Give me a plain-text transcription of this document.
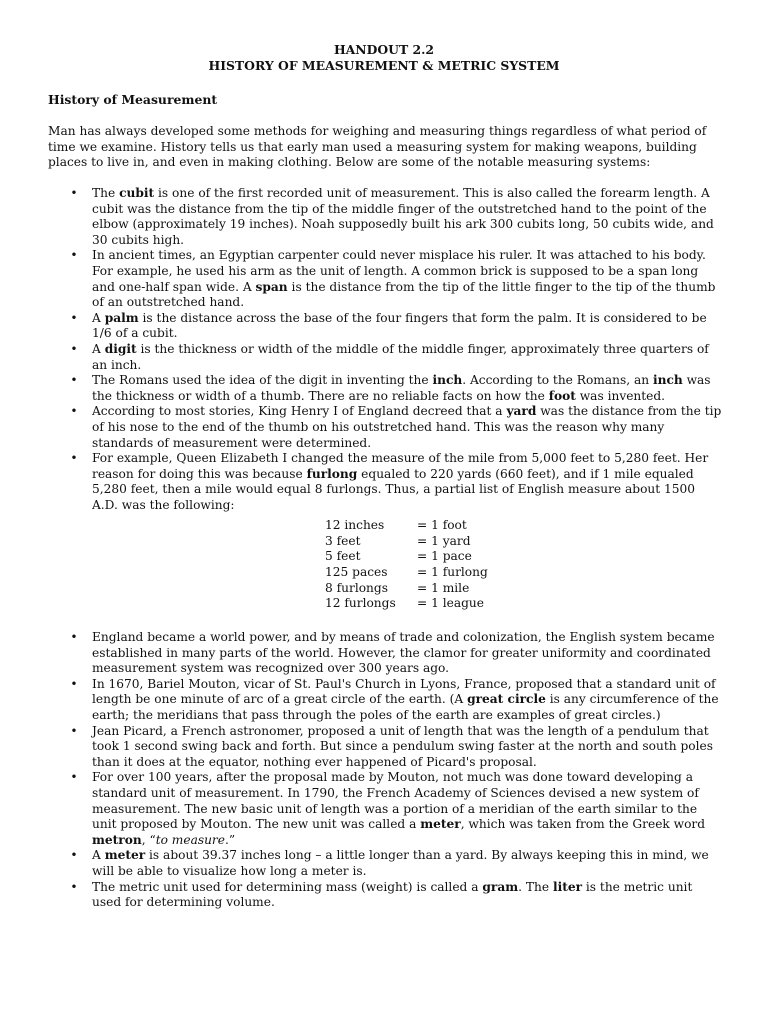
HANDOUT 2.2
HISTORY OF MEASUREMENT & METRIC SYSTEM
History of Measurement

Man has always developed some methods for weighing and measuring things regardless of what period of time we examine. History tells us that early man used a measuring system for making weapons, building places to live in, and even in making clothing. Below are some of the notable measuring systems:

• The cubit is one of the first recorded unit of measurement. This is also called the forearm length. A cubit was the distance from the tip of the middle finger of the outstretched hand to the point of the elbow (approximately 19 inches). Noah supposedly built his ark 300 cubits long, 50 cubits wide, and 30 cubits high.
• In ancient times, an Egyptian carpenter could never misplace his ruler. It was attached to his body. For example, he used his arm as the unit of length. A common brick is supposed to be a span long and one-half span wide. A span is the distance from the tip of the little finger to the tip of the thumb of an outstretched hand.
• A palm is the distance across the base of the four fingers that form the palm. It is considered to be 1/6 of a cubit.
• A digit is the thickness or width of the middle of the middle finger, approximately three quarters of an inch.
• The Romans used the idea of the digit in inventing the inch. According to the Romans, an inch was the thickness or width of a thumb. There are no reliable facts on how the foot was invented.
• According to most stories, King Henry I of England decreed that a yard was the distance from the tip of his nose to the end of the thumb on his outstretched hand. This was the reason why many standards of measurement were determined.
• For example, Queen Elizabeth I changed the measure of the mile from 5,000 feet to 5,280 feet. Her reason for doing this was because furlong equaled to 220 yards (660 feet), and if 1 mile equaled 5,280 feet, then a mile would equal 8 furlongs. Thus, a partial list of English measure about 1500 A.D. was the following:
12 inches	= 1 foot
3 feet	= 1 yard
5 feet	= 1 pace
125 paces	= 1 furlong
8 furlongs	= 1 mile
12 furlongs	= 1 league
• England became a world power, and by means of trade and colonization, the English system became established in many parts of the world. However, the clamor for greater uniformity and coordinated measurement system was recognized over 300 years ago.
• In 1670, Bariel Mouton, vicar of St. Paul's Church in Lyons, France, proposed that a standard unit of length be one minute of arc of a great circle of the earth. (A great circle is any circumference of the earth; the meridians that pass through the poles of the earth are examples of great circles.)
• Jean Picard, a French astronomer, proposed a unit of length that was the length of a pendulum that took 1 second swing back and forth. But since a pendulum swing faster at the north and south poles than it does at the equator, nothing ever happened of Picard's proposal.
• For over 100 years, after the proposal made by Mouton, not much was done toward developing a standard unit of measurement. In 1790, the French Academy of Sciences devised a new system of measurement. The new basic unit of length was a portion of a meridian of the earth similar to the unit proposed by Mouton. The new unit was called a meter, which was taken from the Greek word metron, “to measure.”
• A meter is about 39.37 inches long – a little longer than a yard. By always keeping this in mind, we will be able to visualize how long a meter is.
• The metric unit used for determining mass (weight) is called a gram. The liter is the metric unit used for determining volume.
